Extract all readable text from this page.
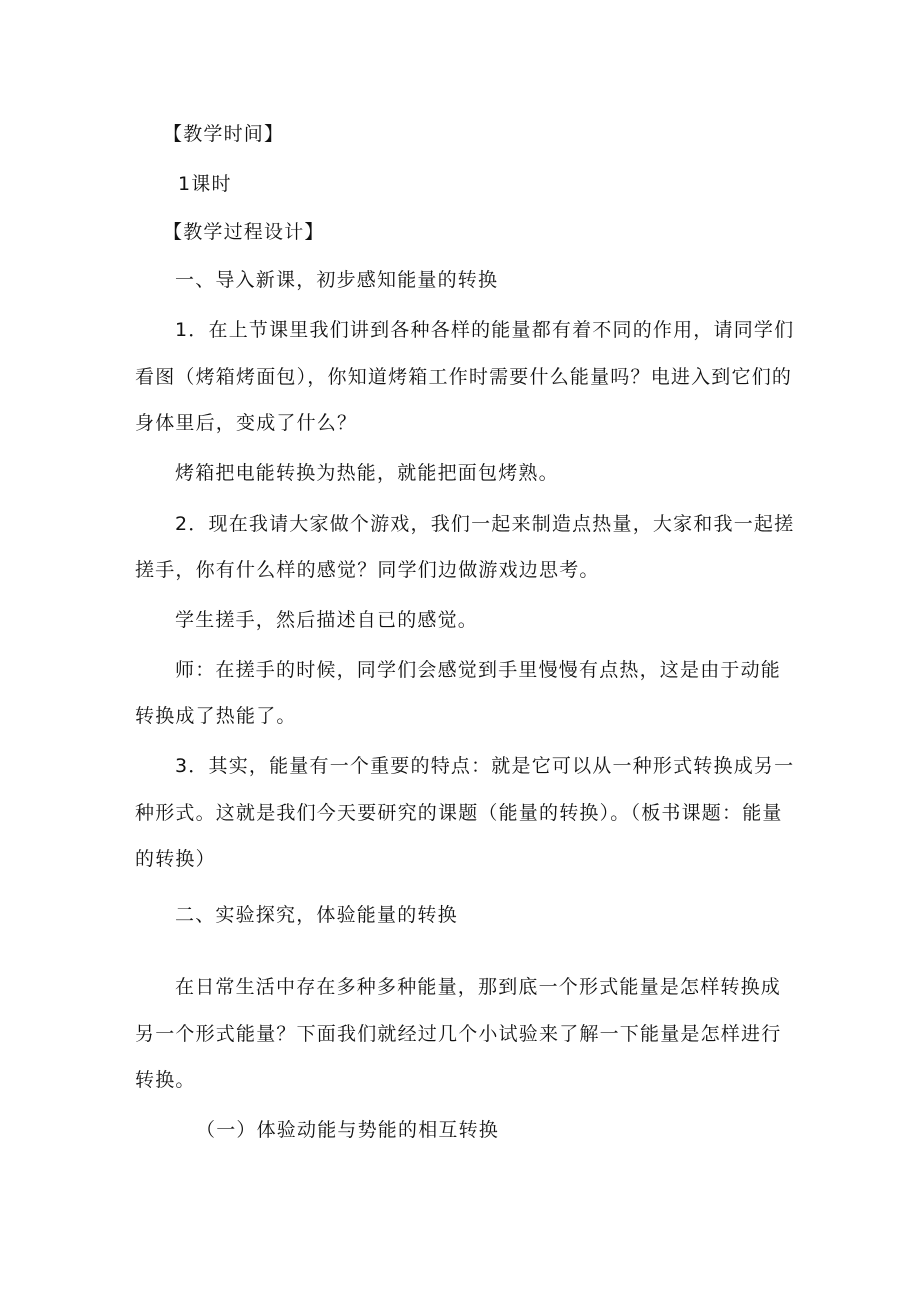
【教学时间】

1课时

【教学过程设计】

一、导入新课，初步感知能量的转换

1．在上节课里我们讲到各种各样的能量都有着不同的作用，请同学们

看图（烤箱烤面包），你知道烤箱工作时需要什么能量吗？电进入到它们的

身体里后，变成了什么？

烤箱把电能转换为热能，就能把面包烤熟。

2．现在我请大家做个游戏，我们一起来制造点热量，大家和我一起搓

搓手，你有什么样的感觉？同学们边做游戏边思考。

学生搓手，然后描述自已的感觉。

师：在搓手的时候，同学们会感觉到手里慢慢有点热，这是由于动能

转换成了热能了。

3．其实，能量有一个重要的特点：就是它可以从一种形式转换成另一

种形式。这就是我们今天要研究的课题（能量的转换）。（板书课题：能量

的转换）

二、实验探究，体验能量的转换

在日常生活中存在多种多种能量，那到底一个形式能量是怎样转换成

另一个形式能量？下面我们就经过几个小试验来了解一下能量是怎样进行

转换。

（一）体验动能与势能的相互转换
